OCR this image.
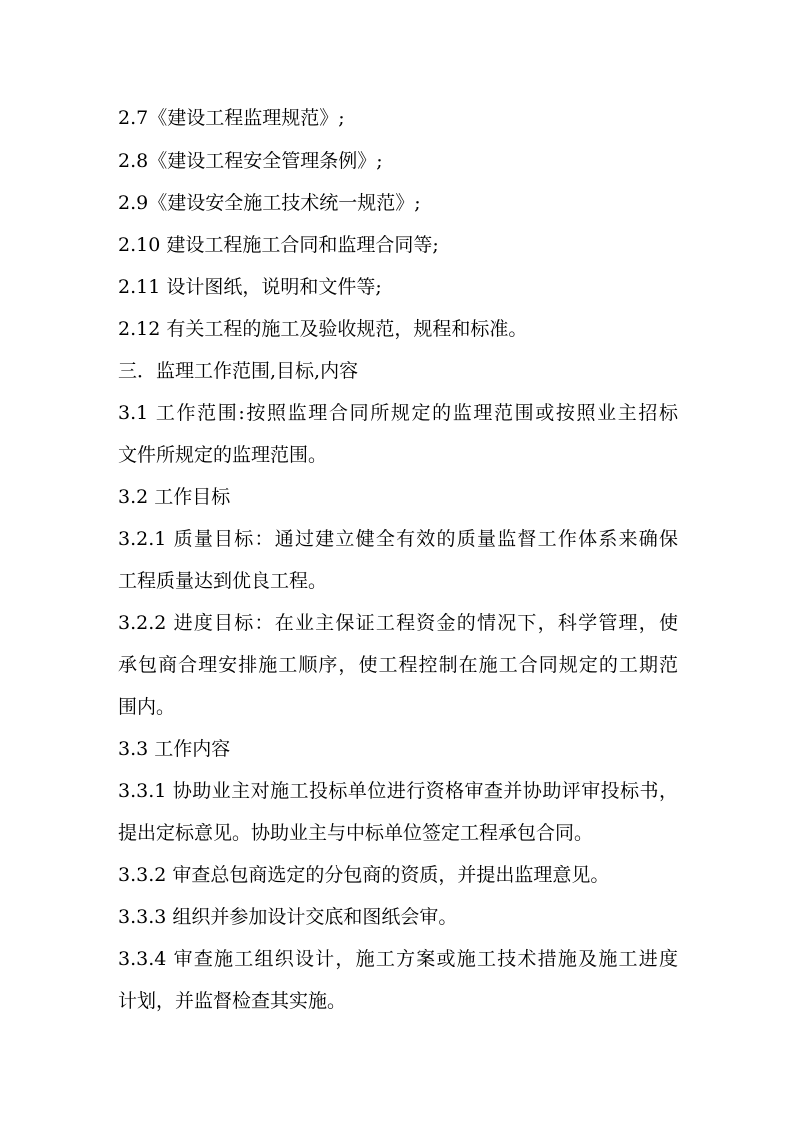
2.7《建设工程监理规范》;
2.8《建设工程安全管理条例》;
2.9《建设安全施工技术统一规范》;
2.10 建设工程施工合同和监理合同等;
2.11 设计图纸，说明和文件等;
2.12 有关工程的施工及验收规范，规程和标准。
三．监理工作范围,目标,内容
3.1 工作范围:按照监理合同所规定的监理范围或按照业主招标
文件所规定的监理范围。
3.2 工作目标
3.2.1 质量目标：通过建立健全有效的质量监督工作体系来确保
工程质量达到优良工程。
3.2.2 进度目标：在业主保证工程资金的情况下，科学管理，使
承包商合理安排施工顺序，使工程控制在施工合同规定的工期范
围内。
3.3 工作内容
3.3.1 协助业主对施工投标单位进行资格审查并协助评审投标书，
提出定标意见。协助业主与中标单位签定工程承包合同。
3.3.2 审查总包商选定的分包商的资质，并提出监理意见。
3.3.3 组织并参加设计交底和图纸会审。
3.3.4 审查施工组织设计，施工方案或施工技术措施及施工进度
计划，并监督检查其实施。
